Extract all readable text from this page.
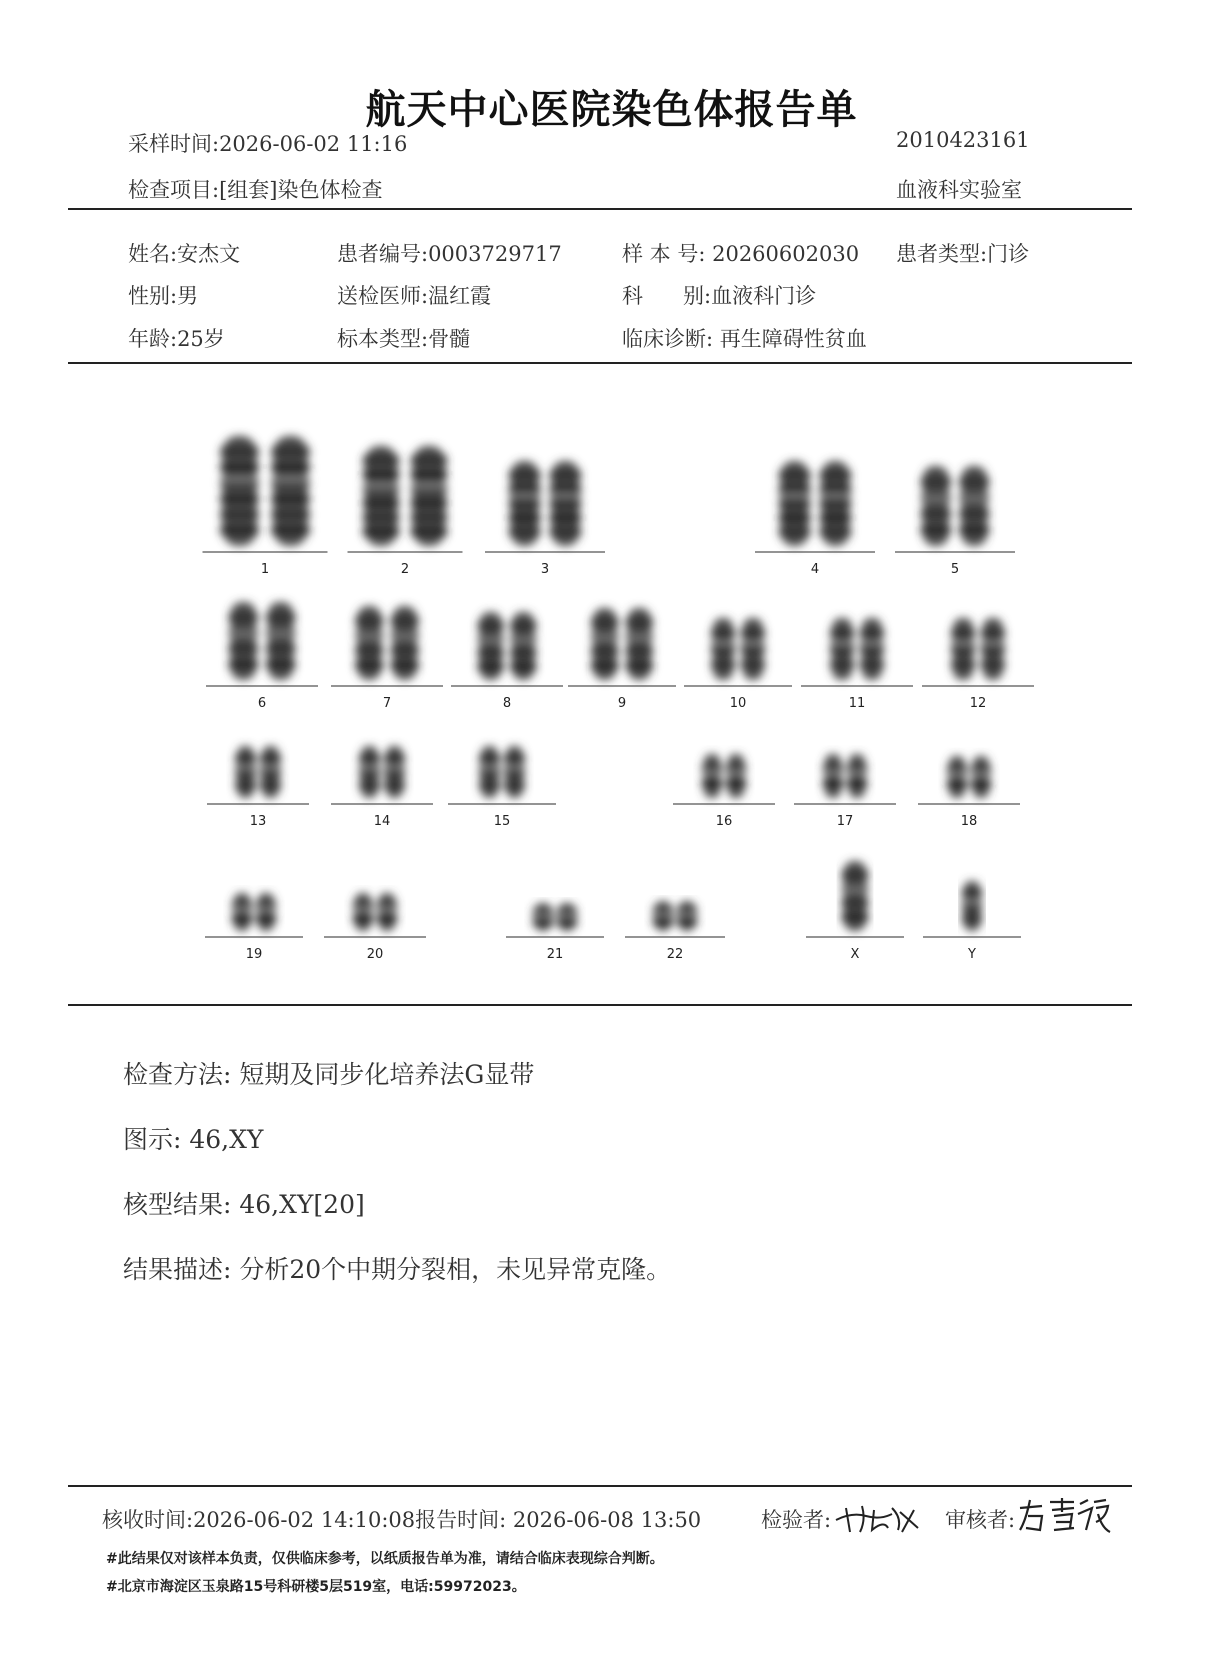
航天中心医院染色体报告单
采样时间:2026-06-02 11:16	2010423161
检查项目:[组套]染色体检查	血液科实验室
姓名:安杰文	患者编号:0003729717	样 本 号: 20260602030 患者类型:门诊
性别:男	送检医师:温红霞	科      别:血液科门诊
年龄:25岁	标本类型:骨髓	临床诊断: 再生障碍性贫血
1	2	3	4	5
6	7	8	9	10	11	12
13	14	15	16	17	18
19	20	21	22	X	Y
检查方法: 短期及同步化培养法G显带
图示: 46,XY
核型结果: 46,XY[20]
结果描述: 分析20个中期分裂相，未见异常克隆。
核收时间:2026-06-02 14:10:08报告时间: 2026-06-08 13:50	检验者:	审核者:
#此结果仅对该样本负责，仅供临床参考，以纸质报告单为准，请结合临床表现综合判断。
#北京市海淀区玉泉路15号科研楼5层519室，电话:59972023。
